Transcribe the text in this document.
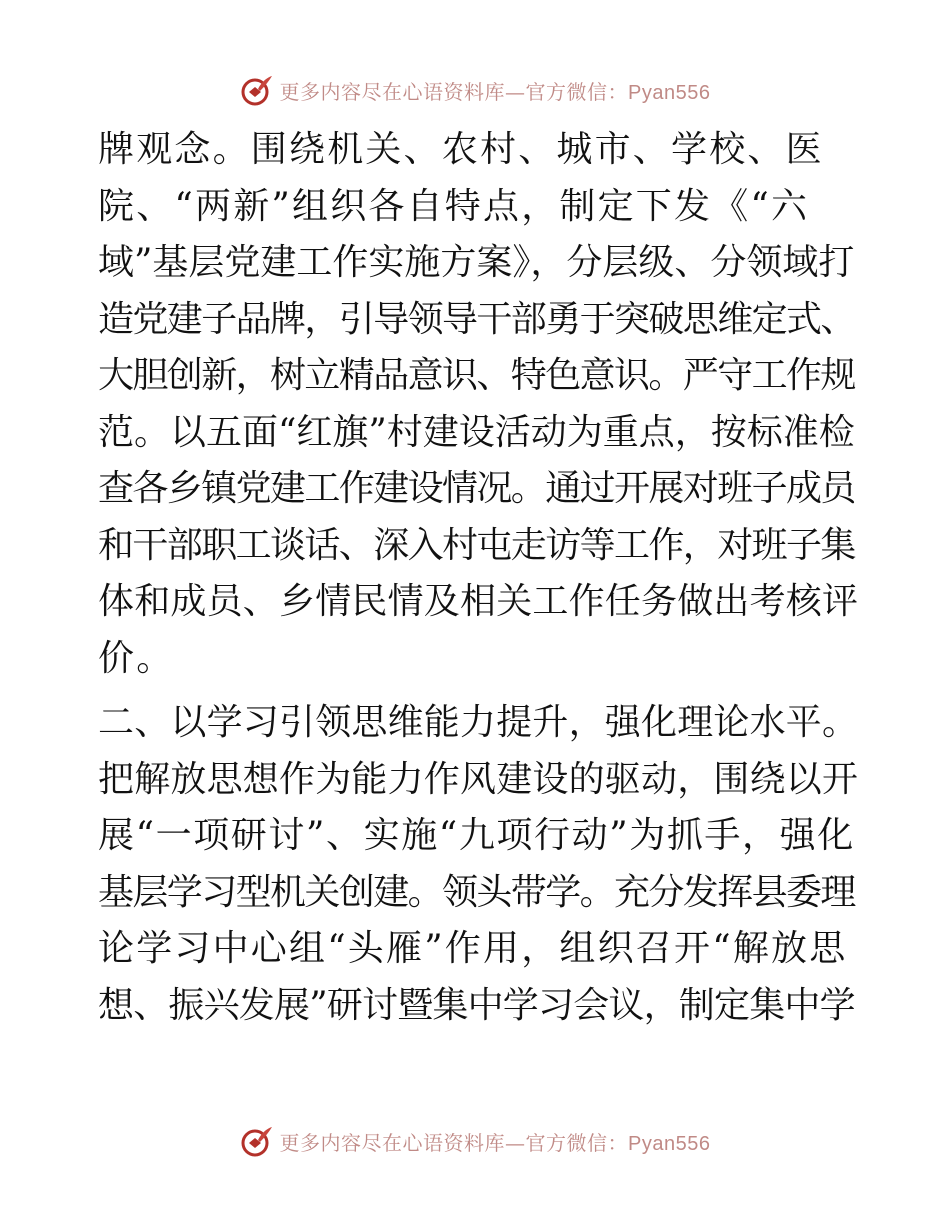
更多内容尽在心语资料库—官方微信：Pyan556
牌观念。围绕机关、农村、城市、学校、医
院、“两新”组织各自特点，制定下发《“六
域”基层党建工作实施方案》，分层级、分领域打
造党建子品牌，引导领导干部勇于突破思维定式、
大胆创新，树立精品意识、特色意识。严守工作规
范。以五面“红旗”村建设活动为重点，按标准检
查各乡镇党建工作建设情况。通过开展对班子成员
和干部职工谈话、深入村屯走访等工作，对班子集
体和成员、乡情民情及相关工作任务做出考核评
价。
二、以学习引领思维能力提升，强化理论水平。
把解放思想作为能力作风建设的驱动，围绕以开
展“一项研讨”、实施“九项行动”为抓手，强化
基层学习型机关创建。领头带学。充分发挥县委理
论学习中心组“头雁”作用，组织召开“解放思
想、振兴发展”研讨暨集中学习会议，制定集中学
更多内容尽在心语资料库—官方微信：Pyan556
